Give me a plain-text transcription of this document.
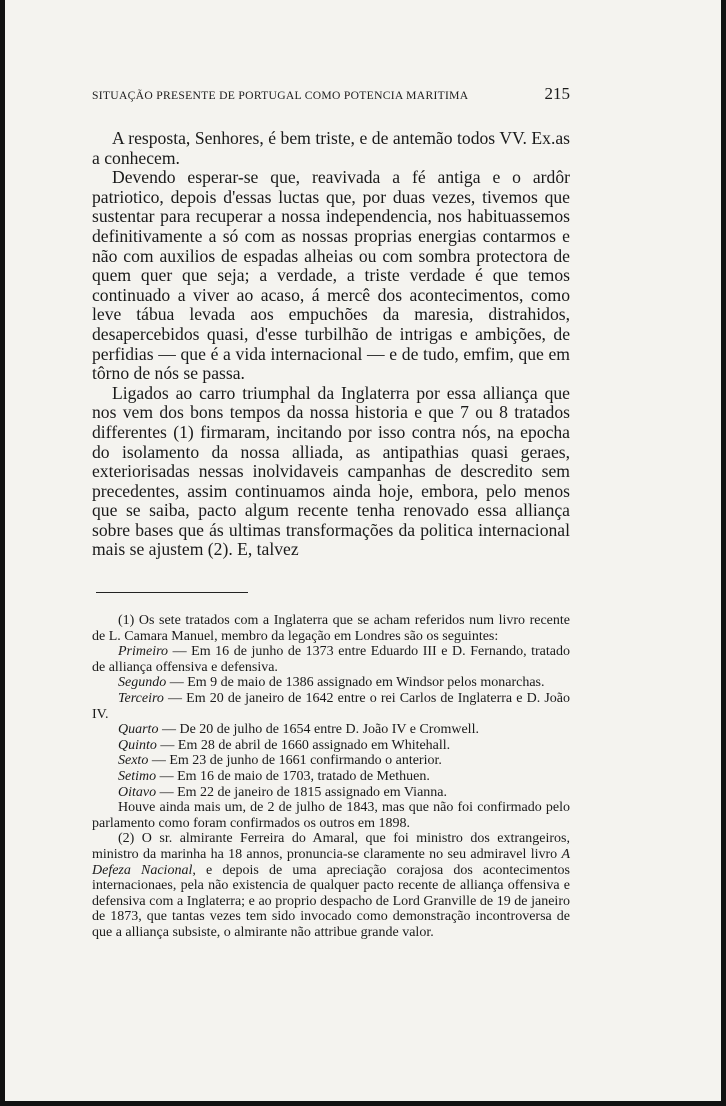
SITUAÇÃO PRESENTE DE PORTUGAL COMO POTENCIA MARITIMA	215

A resposta, Senhores, é bem triste, e de antemão todos VV. Ex.as a conhecem.

Devendo esperar-se que, reavivada a fé antiga e o ardôr patriotico, depois d'essas luctas que, por duas vezes, tivemos que sustentar para recuperar a nossa independencia, nos habituassemos definitivamente a só com as nossas proprias energias contarmos e não com auxilios de espadas alheias ou com sombra protectora de quem quer que seja; a verdade, a triste verdade é que temos continuado a viver ao acaso, á mercê dos acontecimentos, como leve tábua levada aos empuchões da maresia, distrahidos, desapercebidos quasi, d'esse turbilhão de intrigas e ambições, de perfidias — que é a vida internacional — e de tudo, emfim, que em tôrno de nós se passa.

Ligados ao carro triumphal da Inglaterra por essa alliança que nos vem dos bons tempos da nossa historia e que 7 ou 8 tratados differentes (1) firmaram, incitando por isso contra nós, na epocha do isolamento da nossa alliada, as antipathias quasi geraes, exteriorisadas nessas inolvidaveis campanhas de descredito sem precedentes, assim continuamos ainda hoje, embora, pelo menos que se saiba, pacto algum recente tenha renovado essa alliança sobre bases que ás ultimas transformações da politica internacional mais se ajustem (2). E, talvez

(1) Os sete tratados com a Inglaterra que se acham referidos num livro recente de L. Camara Manuel, membro da legação em Londres são os seguintes:

Primeiro — Em 16 de junho de 1373 entre Eduardo III e D. Fernando, tratado de alliança offensiva e defensiva.

Segundo — Em 9 de maio de 1386 assignado em Windsor pelos monarchas.

Terceiro — Em 20 de janeiro de 1642 entre o rei Carlos de Inglaterra e D. João IV.

Quarto — De 20 de julho de 1654 entre D. João IV e Cromwell.

Quinto — Em 28 de abril de 1660 assignado em Whitehall.

Sexto — Em 23 de junho de 1661 confirmando o anterior.

Setimo — Em 16 de maio de 1703, tratado de Methuen.

Oitavo — Em 22 de janeiro de 1815 assignado em Vianna.

Houve ainda mais um, de 2 de julho de 1843, mas que não foi confirmado pelo parlamento como foram confirmados os outros em 1898.

(2) O sr. almirante Ferreira do Amaral, que foi ministro dos extrangeiros, ministro da marinha ha 18 annos, pronuncia-se claramente no seu admiravel livro A Defeza Nacional, e depois de uma apreciação corajosa dos acontecimentos internacionaes, pela não existencia de qualquer pacto recente de alliança offensiva e defensiva com a Inglaterra; e ao proprio despacho de Lord Granville de 19 de janeiro de 1873, que tantas vezes tem sido invocado como demonstração incontroversa de que a alliança subsiste, o almirante não attribue grande valor.
